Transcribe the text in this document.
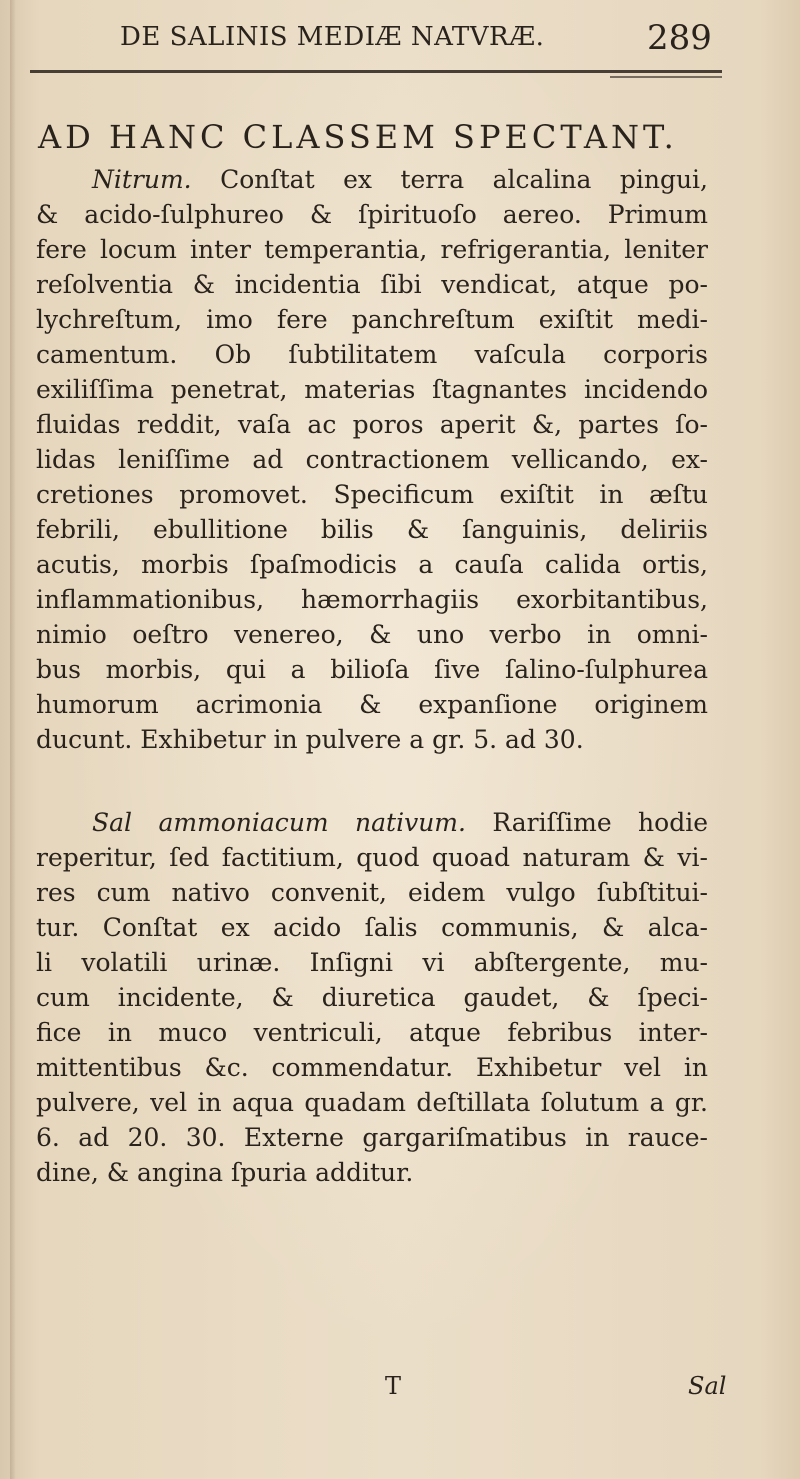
DE SALINIS MEDIÆ NATVRÆ.	289
AD HANC CLASSEM SPECTANT.
Nitrum. Conſtat ex terra alcalina pingui,
& acido-ſulphureo & ſpirituoſo aereo. Primum
fere locum inter temperantia, refrigerantia, leniter
reſolventia & incidentia ſibi vendicat, atque po-
lychreſtum, imo fere panchreſtum exiſtit medi-
camentum. Ob ſubtilitatem vaſcula corporis
exiliſſima penetrat, materias ſtagnantes incidendo
fluidas reddit, vaſa ac poros aperit &, partes ſo-
lidas leniſſime ad contractionem vellicando, ex-
cretiones promovet. Specificum exiſtit in æſtu
febrili, ebullitione bilis & ſanguinis, deliriis
acutis, morbis ſpaſmodicis a cauſa calida ortis,
inflammationibus, hæmorrhagiis exorbitantibus,
nimio oeſtro venereo, & uno verbo in omni-
bus morbis, qui a bilioſa ſive ſalino-ſulphurea
humorum acrimonia & expanſione originem
ducunt. Exhibetur in pulvere a gr. 5. ad 30.
Sal ammoniacum nativum. Rariſſime hodie
reperitur, ſed factitium, quod quoad naturam & vi-
res cum nativo convenit, eidem vulgo ſubſtitui-
tur. Conſtat ex acido ſalis communis, & alca-
li volatili urinæ. Inſigni vi abſtergente, mu-
cum incidente, & diuretica gaudet, & ſpeci-
fice in muco ventriculi, atque febribus inter-
mittentibus &c. commendatur. Exhibetur vel in
pulvere, vel in aqua quadam deſtillata ſolutum a gr.
6. ad 20. 30. Externe gargariſmatibus in rauce-
dine, & angina ſpuria additur.
T	Sal
